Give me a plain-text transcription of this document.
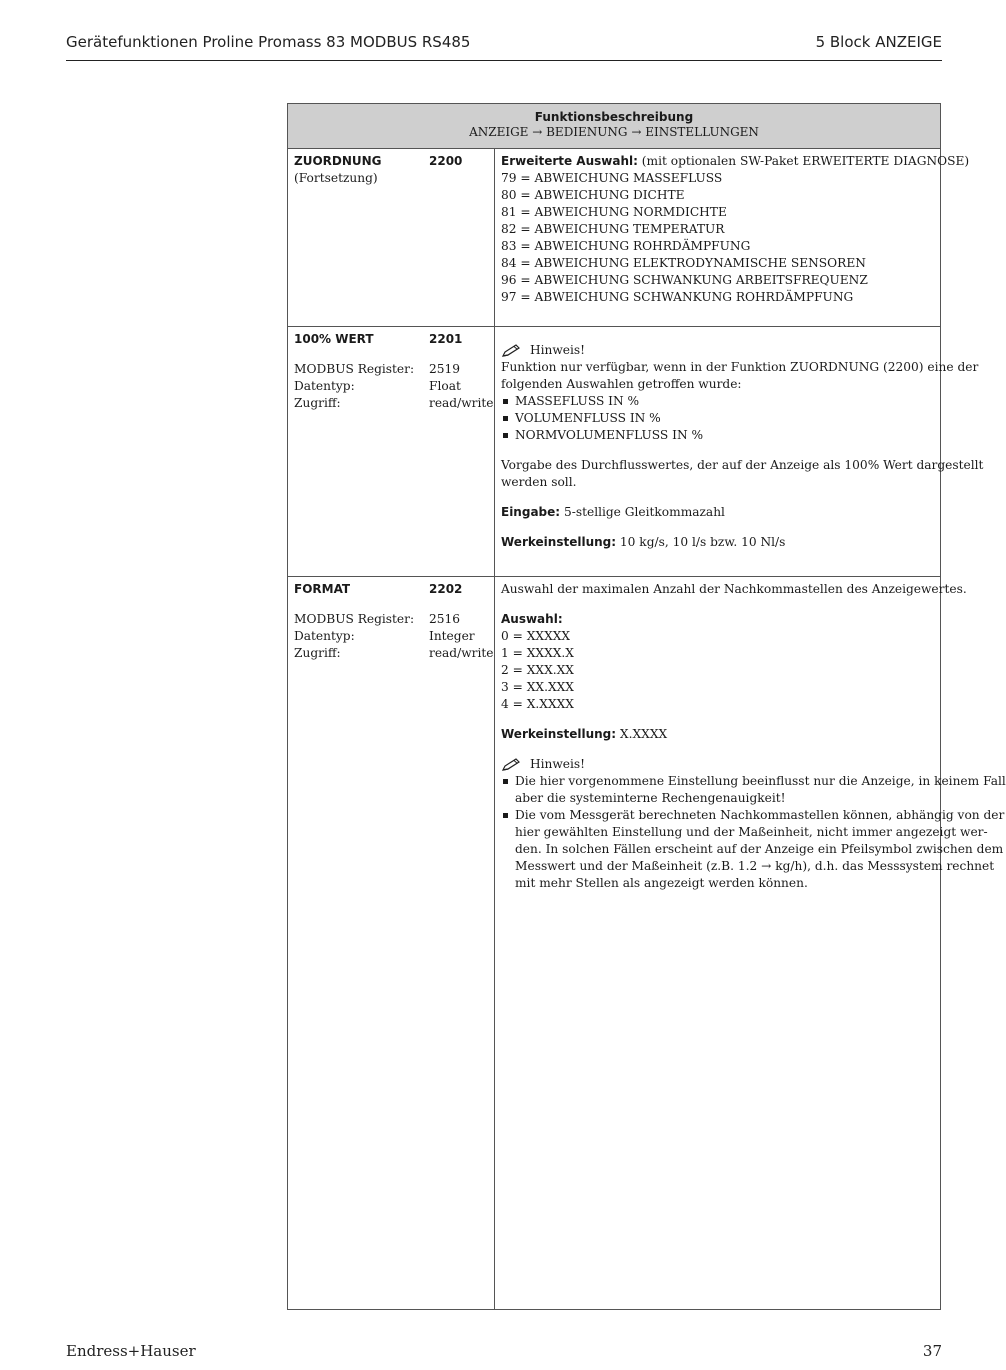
Gerätefunktionen Proline Promass 83 MODBUS RS485	5 Block ANZEIGE
Endress+Hauser	37
Funktionsbeschreibung
ANZEIGE → BEDIENUNG → EINSTELLUNGEN
ZUORDNUNG	2200
(Fortsetzung)
Erweiterte Auswahl: (mit optionalen SW-Paket ERWEITERTE DIAGNOSE)
79 = ABWEICHUNG MASSEFLUSS
80 = ABWEICHUNG DICHTE
81 = ABWEICHUNG NORMDICHTE
82 = ABWEICHUNG TEMPERATUR
83 = ABWEICHUNG ROHRDÄMPFUNG
84 = ABWEICHUNG ELEKTRODYNAMISCHE SENSOREN
96 = ABWEICHUNG SCHWANKUNG ARBEITSFREQUENZ
97 = ABWEICHUNG SCHWANKUNG ROHRDÄMPFUNG
100% WERT	2201
MODBUS Register: 2519
Datentyp:	Float
Zugriff:	read/write
Hinweis!
Funktion nur verfügbar, wenn in der Funktion ZUORDNUNG (2200) eine der
folgenden Auswahlen getroffen wurde:
MASSEFLUSS IN %
VOLUMENFLUSS IN %
NORMVOLUMENFLUSS IN %
Vorgabe des Durchflusswertes, der auf der Anzeige als 100% Wert dargestellt
werden soll.
Eingabe: 5-stellige Gleitkommazahl
Werkeinstellung: 10 kg/s, 10 l/s bzw. 10 Nl/s
FORMAT	2202
MODBUS Register: 2516
Datentyp:	Integer
Zugriff:	read/write
Auswahl der maximalen Anzahl der Nachkommastellen des Anzeigewertes.
Auswahl:
0 = XXXXX
1 = XXXX.X
2 = XXX.XX
3 = XX.XXX
4 = X.XXXX
Werkeinstellung: X.XXXX
Hinweis!
Die hier vorgenommene Einstellung beeinflusst nur die Anzeige, in keinem Fall
aber die systeminterne Rechengenauigkeit!
Die vom Messgerät berechneten Nachkommastellen können, abhängig von der
hier gewählten Einstellung und der Maßeinheit, nicht immer angezeigt wer-
den. In solchen Fällen erscheint auf der Anzeige ein Pfeilsymbol zwischen dem
Messwert und der Maßeinheit (z.B. 1.2 → kg/h), d.h. das Messsystem rechnet
mit mehr Stellen als angezeigt werden können.
